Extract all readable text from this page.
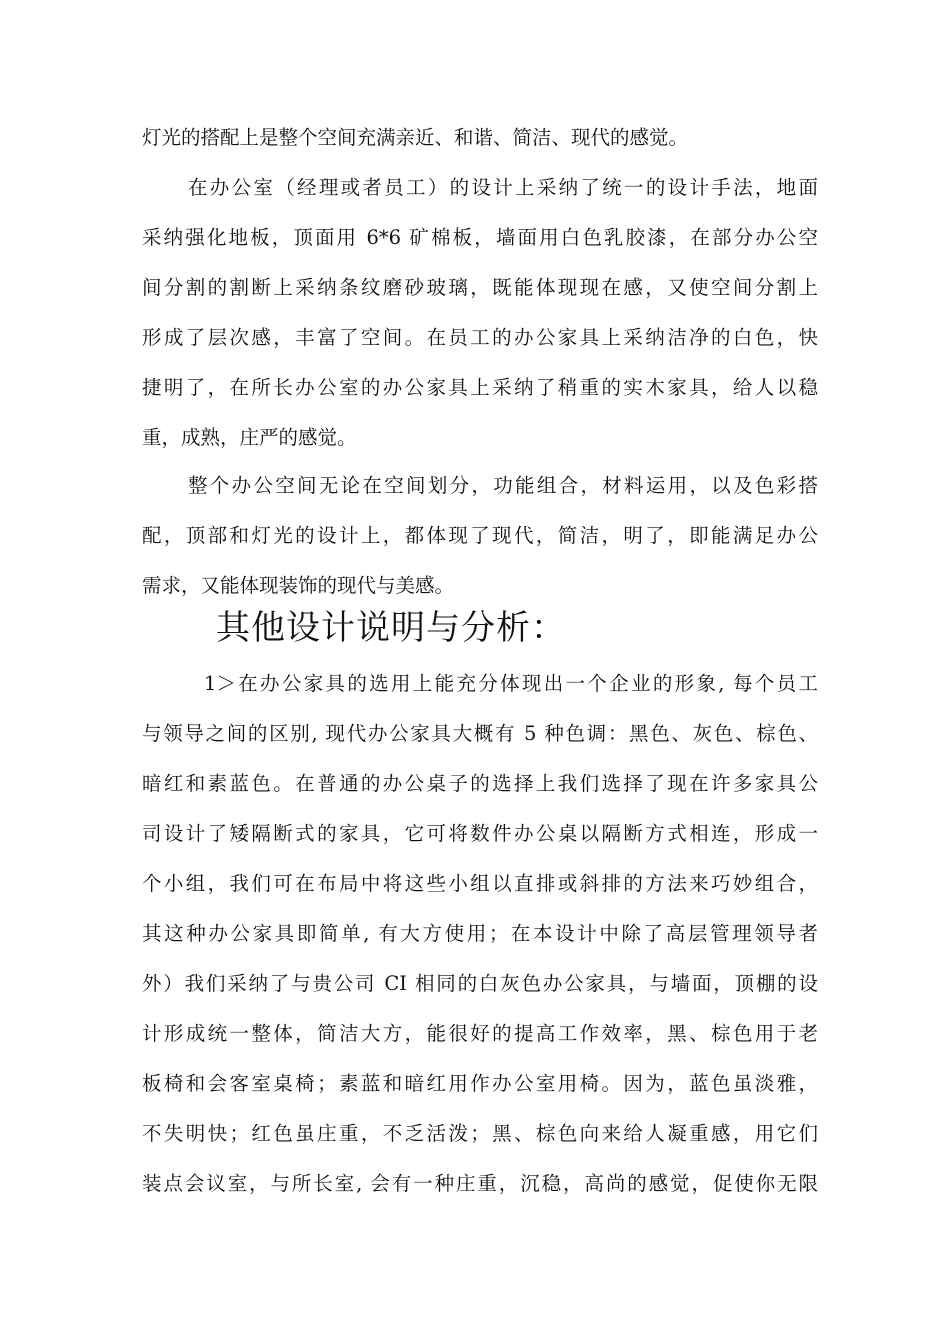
灯光的搭配上是整个空间充满亲近、和谐、简洁、现代的感觉。
在办公室（经理或者员工）的设计上采纳了统一的设计手法，地面
采纳强化地板，顶面用 6*6 矿棉板，墙面用白色乳胶漆，在部分办公空
间分割的割断上采纳条纹磨砂玻璃，既能体现现在感，又使空间分割上
形成了层次感，丰富了空间。在员工的办公家具上采纳洁净的白色，快
捷明了，在所长办公室的办公家具上采纳了稍重的实木家具，给人以稳
重，成熟，庄严的感觉。
整个办公空间无论在空间划分，功能组合，材料运用，以及色彩搭
配，顶部和灯光的设计上，都体现了现代，简洁，明了，即能满足办公
需求，又能体现装饰的现代与美感。
其他设计说明与分析：
1＞在办公家具的选用上能充分体现出一个企业的形象, 每个员工
与领导之间的区别, 现代办公家具大概有 5 种色调：黑色、灰色、棕色、
暗红和素蓝色。在普通的办公桌子的选择上我们选择了现在许多家具公
司设计了矮隔断式的家具，它可将数件办公桌以隔断方式相连，形成一
个小组，我们可在布局中将这些小组以直排或斜排的方法来巧妙组合，
其这种办公家具即简单, 有大方使用；在本设计中除了高层管理领导者
外）我们采纳了与贵公司 CI 相同的白灰色办公家具，与墙面，顶棚的设
计形成统一整体，简洁大方，能很好的提高工作效率，黑、棕色用于老
板椅和会客室桌椅；素蓝和暗红用作办公室用椅。因为，蓝色虽淡雅，
不失明快；红色虽庄重，不乏活泼；黑、棕色向来给人凝重感，用它们
装点会议室，与所长室, 会有一种庄重，沉稳，高尚的感觉，促使你无限
